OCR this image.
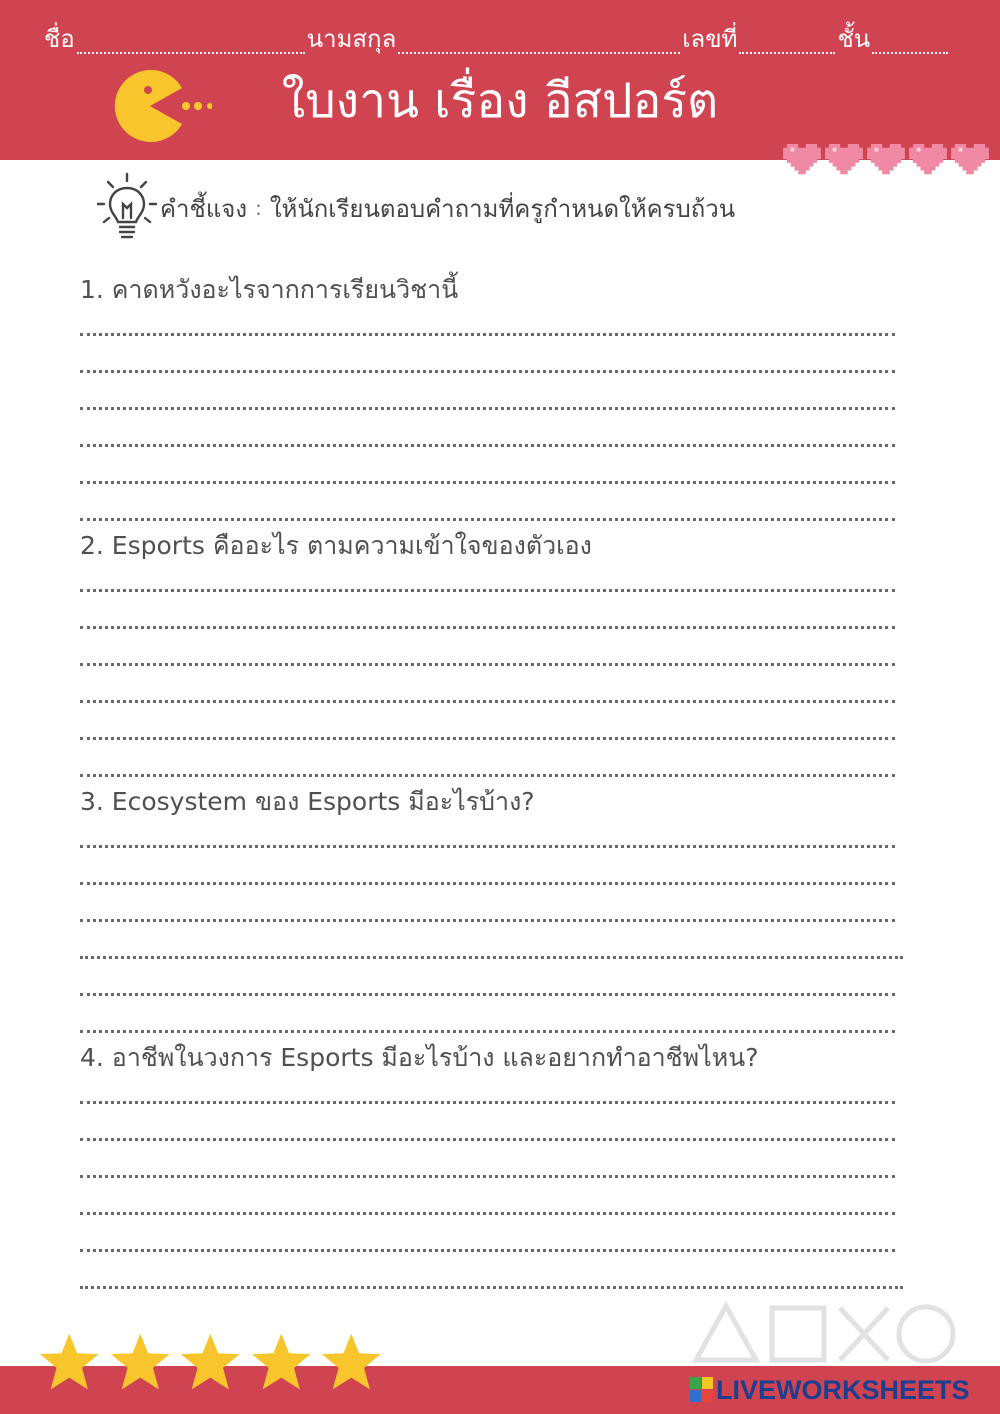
ชื่อ	นามสกุล	เลขที่	ชั้น
ใบงาน เรื่อง อีสปอร์ต
คำชี้แจง : ให้นักเรียนตอบคำถามที่ครูกำหนดให้ครบถ้วน
1. คาดหวังอะไรจากการเรียนวิชานี้
2. Esports คืออะไร ตามความเข้าใจของตัวเอง
3. Ecosystem ของ Esports มีอะไรบ้าง?
4. อาชีพในวงการ Esports มีอะไรบ้าง และอยากทำอาชีพไหน?
LIVEWORKSHEETS
